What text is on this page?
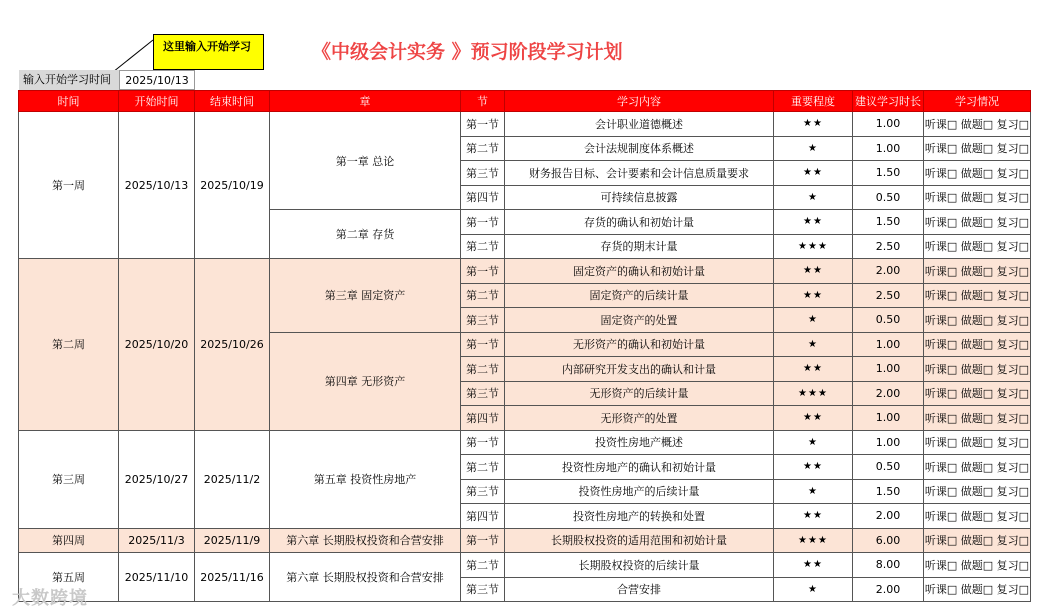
这里输入开始学习	《中级会计实务 》预习阶段学习计划
输入开始学习时间	2025/10/13
时间	开始时间	结束时间	章	节	学习内容	重要程度	建议学习时长	学习情况
第一周	2025/10/13	2025/10/19	第一章 总论	第一节	会计职业道德概述	★★	1.00	听课□ 做题□ 复习□
				第二节	会计法规制度体系概述	★	1.00	听课□ 做题□ 复习□
				第三节	财务报告目标、会计要素和会计信息质量要求	★★	1.50	听课□ 做题□ 复习□
				第四节	可持续信息披露	★	0.50	听课□ 做题□ 复习□
			第二章 存货	第一节	存货的确认和初始计量	★★	1.50	听课□ 做题□ 复习□
				第二节	存货的期末计量	★★★	2.50	听课□ 做题□ 复习□
第二周	2025/10/20	2025/10/26	第三章 固定资产	第一节	固定资产的确认和初始计量	★★	2.00	听课□ 做题□ 复习□
				第二节	固定资产的后续计量	★★	2.50	听课□ 做题□ 复习□
				第三节	固定资产的处置	★	0.50	听课□ 做题□ 复习□
			第四章 无形资产	第一节	无形资产的确认和初始计量	★	1.00	听课□ 做题□ 复习□
				第二节	内部研究开发支出的确认和计量	★★	1.00	听课□ 做题□ 复习□
				第三节	无形资产的后续计量	★★★	2.00	听课□ 做题□ 复习□
				第四节	无形资产的处置	★★	1.00	听课□ 做题□ 复习□
第三周	2025/10/27	2025/11/2	第五章 投资性房地产	第一节	投资性房地产概述	★	1.00	听课□ 做题□ 复习□
				第二节	投资性房地产的确认和初始计量	★★	0.50	听课□ 做题□ 复习□
				第三节	投资性房地产的后续计量	★	1.50	听课□ 做题□ 复习□
				第四节	投资性房地产的转换和处置	★★	2.00	听课□ 做题□ 复习□
第四周	2025/11/3	2025/11/9	第六章 长期股权投资和合营安排	第一节	长期股权投资的适用范围和初始计量	★★★	6.00	听课□ 做题□ 复习□
第五周	2025/11/10	2025/11/16	第六章 长期股权投资和合营安排	第二节	长期股权投资的后续计量	★★	8.00	听课□ 做题□ 复习□
				第三节	合营安排	★	2.00	听课□ 做题□ 复习□
大数跨境
